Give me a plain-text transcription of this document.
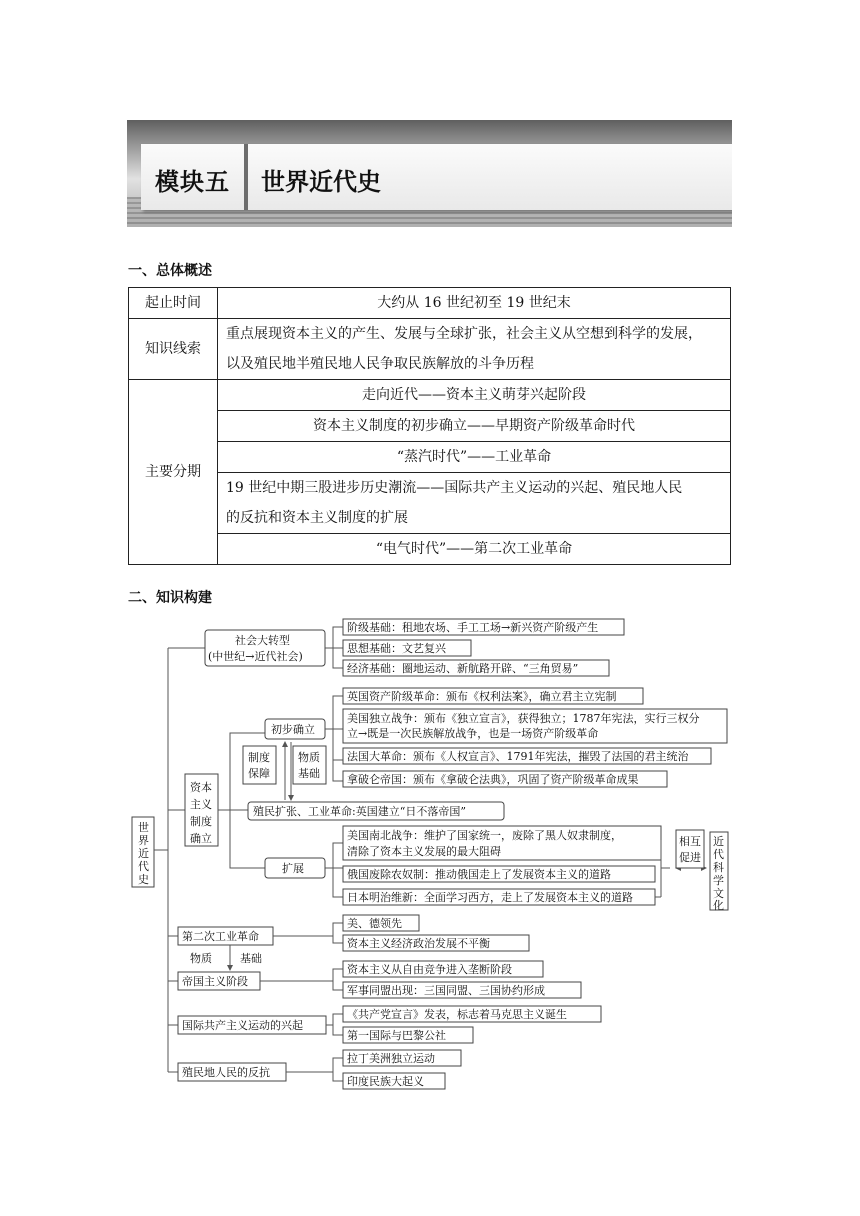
模块五 世界近代史
一、总体概述
起止时间	大约从 16 世纪初至 19 世纪末
知识线索	重点展现资本主义的产生、发展与全球扩张，社会主义从空想到科学的发展，
以及殖民地半殖民地人民争取民族解放的斗争历程

主要分期	走向近代——资本主义萌芽兴起阶段
	资本主义制度的初步确立——早期资产阶级革命时代
	“蒸汽时代”——工业革命

	19 世纪中期三股进步历史潮流——国际共产主义运动的兴起、殖民地人民
的反抗和资本主义制度的扩展

	“电气时代”——第二次工业革命
二、知识构建
世
界
近
代
史
社会大转型
(中世纪→近代社会)
阶级基础：租地农场、手工工场→新兴资产阶级产生
思想基础：文艺复兴
经济基础：圈地运动、新航路开辟、“三角贸易”
资本
主义
制度
确立
初步确立
英国资产阶级革命：颁布《权利法案》，确立君主立宪制
美国独立战争：颁布《独立宣言》，获得独立；1787年宪法，实行三权分
立→既是一次民族解放战争，也是一场资产阶级革命
法国大革命：颁布《人权宣言》、1791年宪法，摧毁了法国的君主统治
拿破仑帝国：颁布《拿破仑法典》，巩固了资产阶级革命成果
制度
保障
物质
基础
殖民扩张、工业革命:英国建立“日不落帝国”
扩展
美国南北战争：维护了国家统一，废除了黑人奴隶制度，
清除了资本主义发展的最大阻碍
俄国废除农奴制：推动俄国走上了发展资本主义的道路
日本明治维新：全面学习西方，走上了发展资本主义的道路
相互
促进
近
代
科
学
文
化
第二次工业革命
美、德领先
资本主义经济政治发展不平衡
物质	基础
帝国主义阶段
资本主义从自由竞争进入垄断阶段
军事同盟出现：三国同盟、三国协约形成
国际共产主义运动的兴起
《共产党宣言》发表，标志着马克思主义诞生
第一国际与巴黎公社
殖民地人民的反抗
拉丁美洲独立运动
印度民族大起义
